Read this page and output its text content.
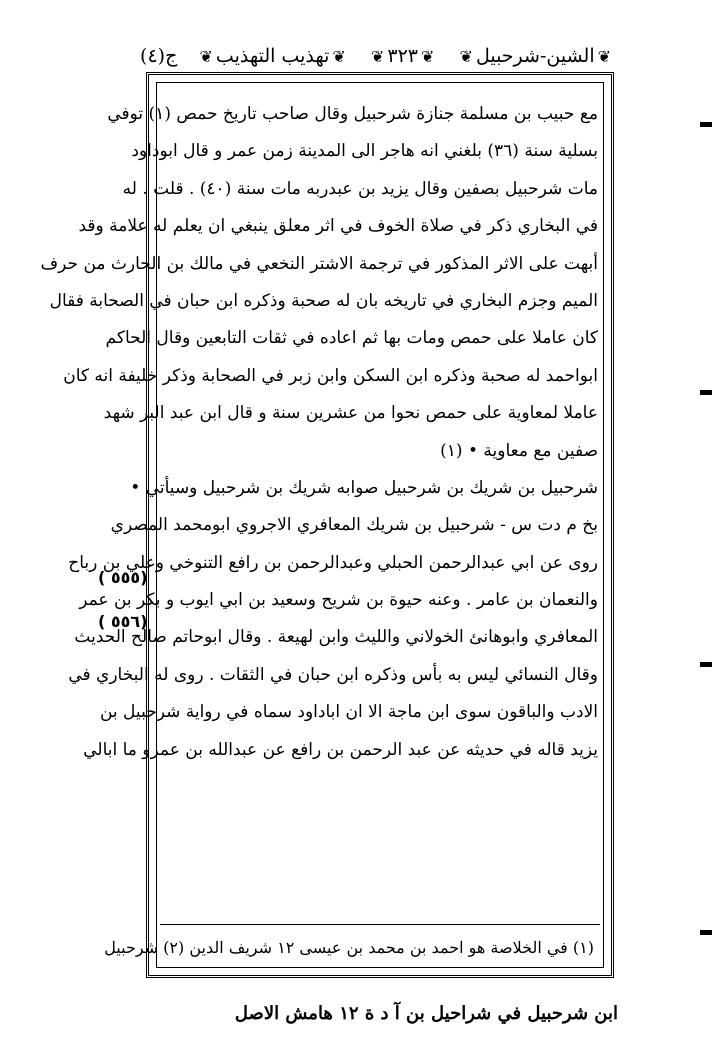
ج(٤)	❦تهذيب التهذيب❦	❦٣٢٣❦	❦الشين-شرحبيل❦
مع حبيب بن مسلمة جنازة شرحبيل وقال صاحب تاريخ حمص (١) توفي
بسلية سنة (٣٦) بلغني انه هاجر الى المدينة زمن عمر و قال ابوداود
مات شرحبيل بصفين وقال يزيد بن عبدربه مات سنة (٤٠) . قلت . له
في البخاري ذكر في صلاة الخوف في اثر معلق ينبغي ان يعلم له علامة وقد
أبهت على الاثر المذكور في ترجمة الاشتر النخعي في مالك بن الحارث من حرف
الميم وجزم البخاري في تاريخه بان له صحبة وذكره ابن حبان في الصحابة فقال
كان عاملا على حمص ومات بها ثم اعاده في ثقات التابعين وقال الحاكم
ابواحمد له صحبة وذكره ابن السكن وابن زبر في الصحابة وذكر خليفة انه كان
عاملا لمعاوية على حمص نحوا من عشرين سنة و قال ابن عبد البر شهد
صفين مع معاوية • (١)
شرحبيل بن شريك بن شرحبيل صوابه شريك بن شرحبيل وسيأتي •
بخ م دت س - شرحبيل بن شريك المعافري الاجروي ابومحمد المصري
روى عن ابي عبدالرحمن الحبلي وعبدالرحمن بن رافع التنوخي وعلي بن رباح
والنعمان بن عامر . وعنه حيوة بن شريح وسعيد بن ابي ايوب و بكر بن عمر
المعافري وابوهانئ الخولاني والليث وابن لهيعة . وقال ابوحاتم صالح الحديث
وقال النسائي ليس به بأس وذكره ابن حبان في الثقات . روى له البخاري في
الادب والباقون سوى ابن ماجة الا ان اباداود سماه في رواية شرحبيل بن
يزيد قاله في حديثه عن عبد الرحمن بن رافع عن عبدالله بن عمرو ما ابالي
(١) في الخلاصة هو احمد بن محمد بن عيسى ١٢ شريف الدين (٢) شرحبيل
( ٥٥٥)
( ٥٥٦)
ابن شرحبيل في شراحيل بن آ د ة ١٢ هامش الاصل
